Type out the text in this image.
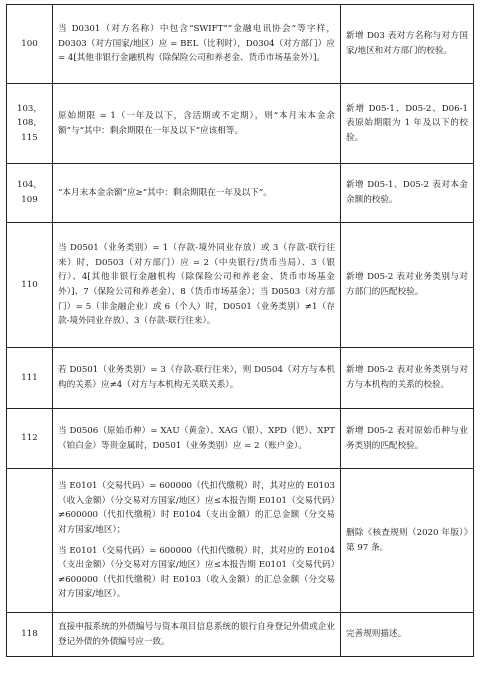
100	当 D0301（对方名称）中包含“SWIFT”“金融电讯协会”等字样，D0303（对方国家/地区）应 = BEL（比利时），D0304（对方部门）应 = 4[其他非银行金融机构（除保险公司和养老金、货币市场基金外）]。	新增 D03 表对方名称与对方国家/地区和对方部门的校验。
103，108，115	原始期限 = 1（一年及以下，含活期或不定期），则“本月末本金余额”与“其中：剩余期限在一年及以下”应该相等。	新增 D05-1、D05-2、D06-1 表原始期限为 1 年及以下的校验。
104，109	“本月末本金余额”应≥“其中：剩余期限在一年及以下”。	新增 D05-1、D05-2 表对本金余额的校验。
110	当 D0501（业务类别）= 1（存款-境外同业存放）或 3（存款-联行往来）时，D0503（对方部门）应 = 2（中央银行/货币当局）、3（银行）、4[其他非银行金融机构（除保险公司和养老金、货币市场基金外）]、7（保险公司和养老金）、8（货币市场基金）；当 D0503（对方部门）= 5（非金融企业）或 6（个人）时，D0501（业务类别）≠1（存款-境外同业存放）、3（存款-联行往来）。	新增 D05-2 表对业务类别与对方部门的匹配校验。
111	若 D0501（业务类别）= 3（存款-联行往来），则 D0504（对方与本机构的关系）应≠4（对方与本机构无关联关系）。	新增 D05-2 表对业务类别与对方与本机构的关系的校验。
112	当 D0506（原始币种）= XAU（黄金）、XAG（银）、XPD（钯）、XPT（铂白金）等贵金属时，D0501（业务类别）应 = 2（账户金）。	新增 D05-2 表对原始币种与业务类别的匹配校验。

	当 E0101（交易代码）= 600000（代扣代缴税）时，其对应的 E0103（收入金额）（分交易对方国家/地区）应≤本报告期 E0101（交易代码）≠600000（代扣代缴税）时 E0104（支出金额）的汇总金额（分交易对方国家/地区）；
当 E0101（交易代码）= 600000（代扣代缴税）时，其对应的 E0104（支出金额）（分交易对方国家/地区）应≤本报告期 E0101（交易代码）≠600000（代扣代缴税）时 E0103（收入金额）的汇总金额（分交易对方国家/地区）。	删除《核查规则（2020 年版）》第 97 条。
118	直接申报系统的外债编号与资本项目信息系统的银行自身登记外债或企业登记外债的外债编号应一致。	完善规则描述。
